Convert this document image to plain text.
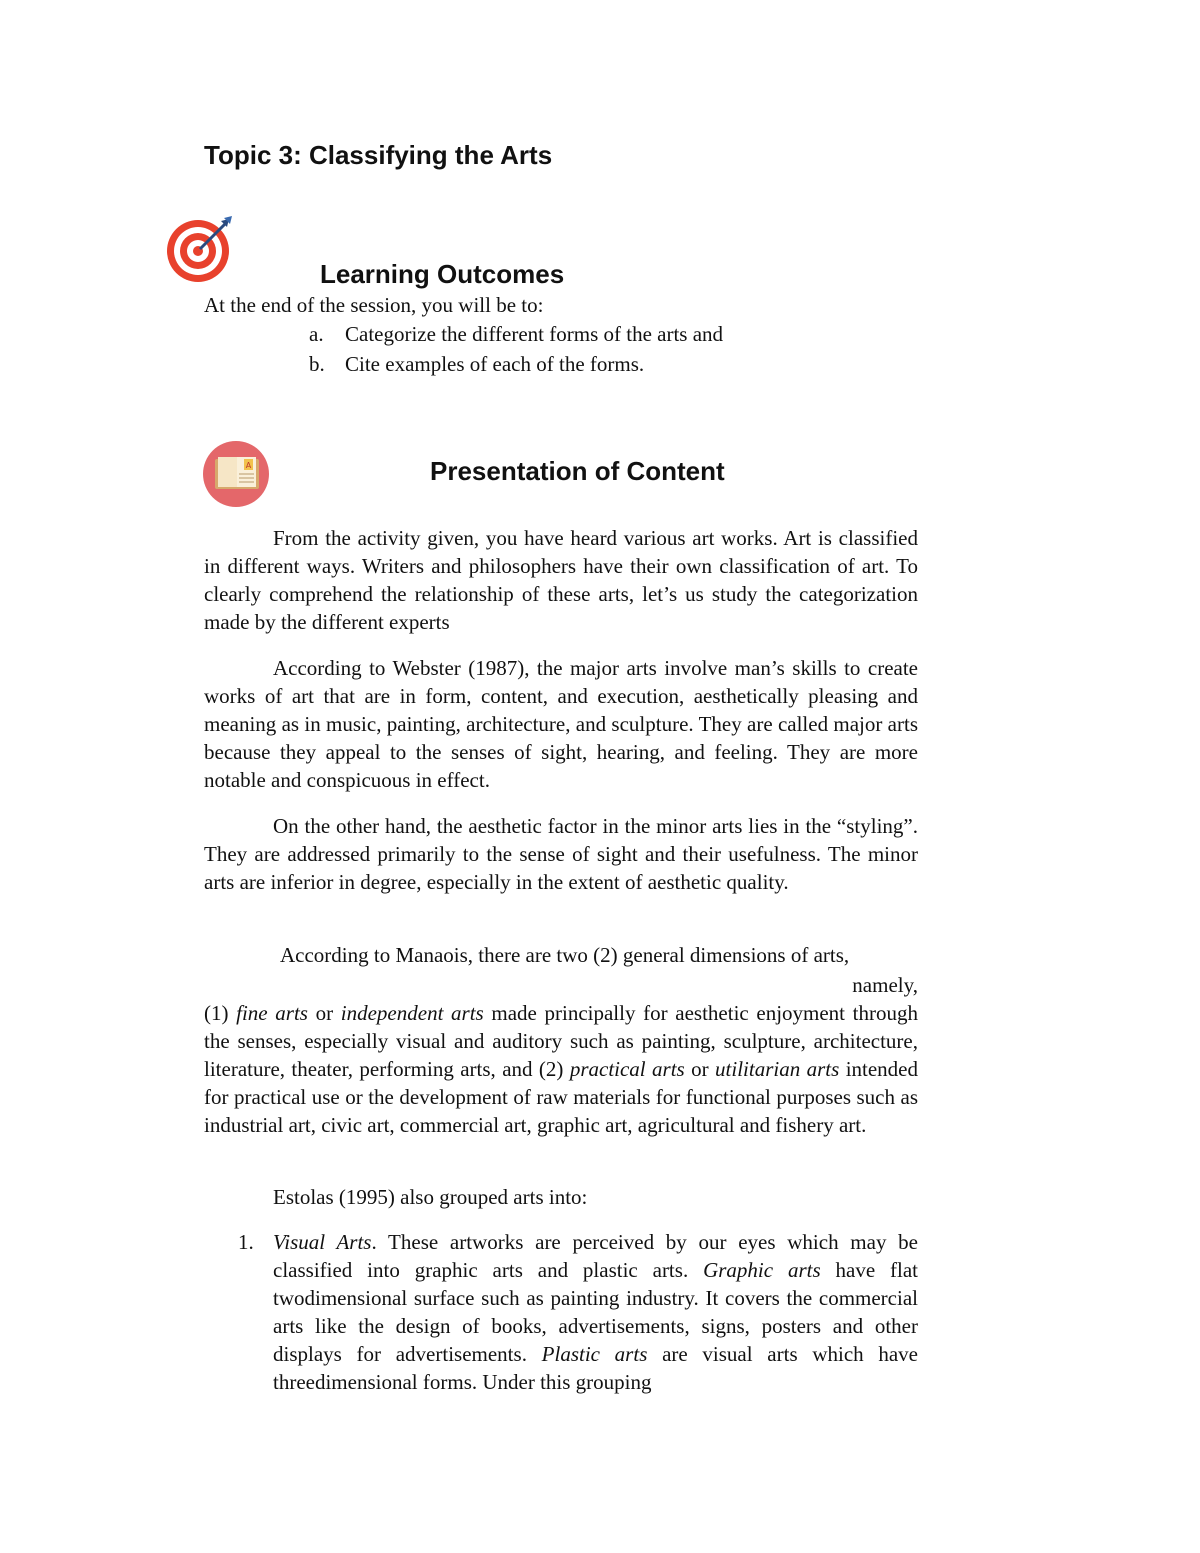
Topic 3: Classifying the Arts
Learning Outcomes
At the end of the session, you will be to:
a. Categorize the different forms of the arts and
b. Cite examples of each of the forms.
A	Presentation of Content

From the activity given, you have heard various art works. Art is classified in different ways. Writers and philosophers have their own classification of art. To clearly comprehend the relationship of these arts, let’s us study the categorization made by the different experts

According to Webster (1987), the major arts involve man’s skills to create works of art that are in form, content, and execution, aesthetically pleasing and meaning as in music, painting, architecture, and sculpture. They are called major arts because they appeal to the senses of sight, hearing, and feeling. They are more notable and conspicuous in effect.

On the other hand, the aesthetic factor in the minor arts lies in the “styling”. They are addressed primarily to the sense of sight and their usefulness. The minor arts are inferior in degree, especially in the extent of aesthetic quality.

According to Manaois, there are two (2) general dimensions of arts,
namely,

(1) fine arts or independent arts made principally for aesthetic enjoyment through the senses, especially visual and auditory such as painting, sculpture, architecture, literature, theater, performing arts, and (2) practical arts or utilitarian arts intended for practical use or the development of raw materials for functional purposes such as industrial art, civic art, commercial art, graphic art, agricultural and fishery art.

Estolas (1995) also grouped arts into:

1. Visual Arts. These artworks are perceived by our eyes which may be classified into graphic arts and plastic arts. Graphic arts have flat twodimensional surface such as painting industry. It covers the commercial arts like the design of books, advertisements, signs, posters and other displays for advertisements. Plastic arts are visual arts which have threedimensional forms. Under this grouping
